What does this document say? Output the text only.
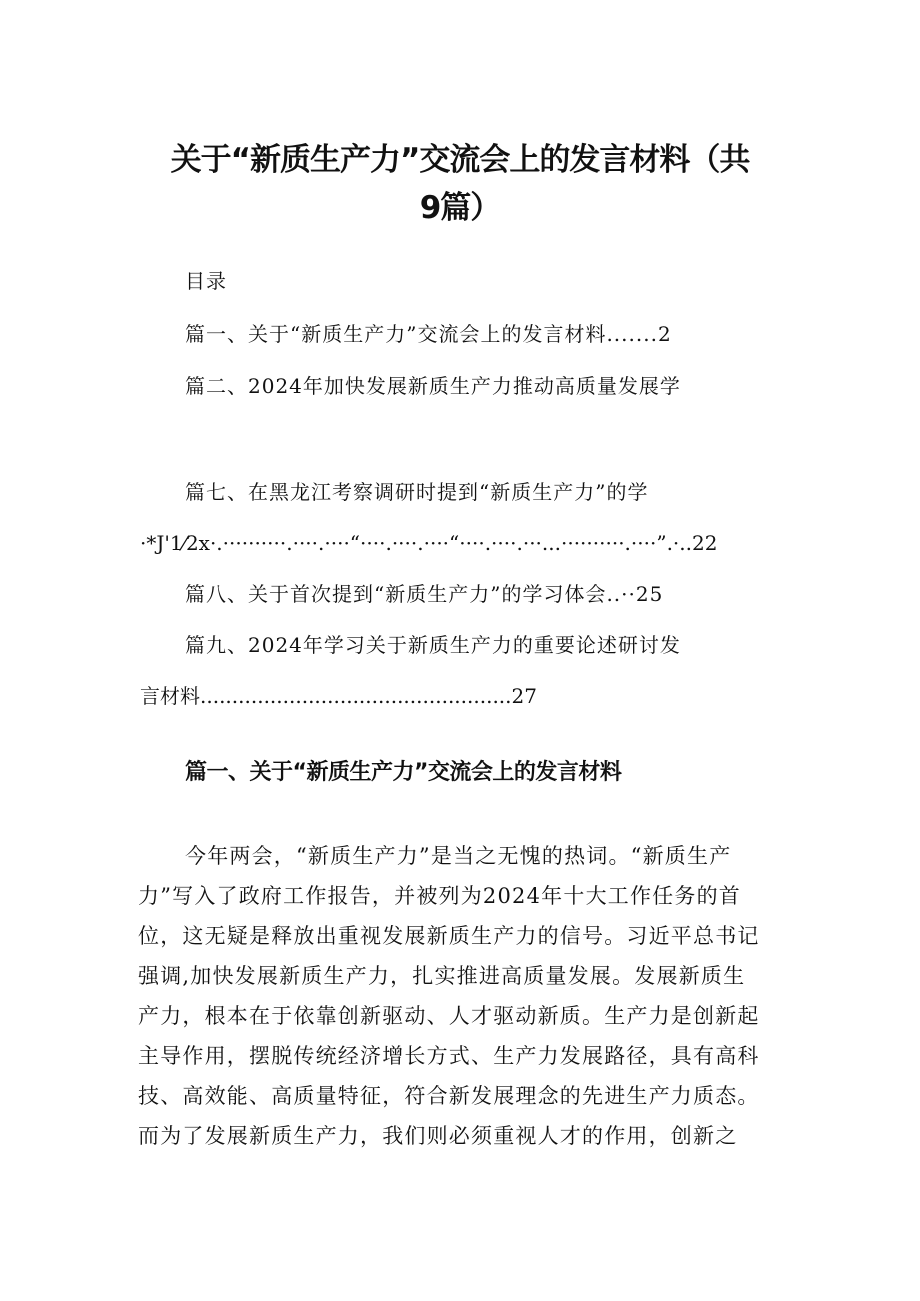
关于“新质生产力”交流会上的发言材料（共
9篇）
目录
篇一、关于“新质生产力”交流会上的发言材料.......2
篇二、2024年加快发展新质生产力推动高质量发展学
篇七、在黑龙江考察调研时提到“新质生产力”的学
·*J'1⁄2x·.··········.····.····“····.····.····“····.····.···...··········.····”.·..22
篇八、关于首次提到“新质生产力”的学习体会..··25
篇九、2024年学习关于新质生产力的重要论述研讨发
言材料.................................................27
篇一、关于“新质生产力”交流会上的发言材料
今年两会，“新质生产力”是当之无愧的热词。“新质生产
力”写入了政府工作报告，并被列为2024年十大工作任务的首
位，这无疑是释放出重视发展新质生产力的信号。习近平总书记
强调,加快发展新质生产力，扎实推进高质量发展。发展新质生
产力，根本在于依靠创新驱动、人才驱动新质。生产力是创新起
主导作用，摆脱传统经济增长方式、生产力发展路径，具有高科
技、高效能、高质量特征，符合新发展理念的先进生产力质态。
而为了发展新质生产力，我们则必须重视人才的作用，创新之
